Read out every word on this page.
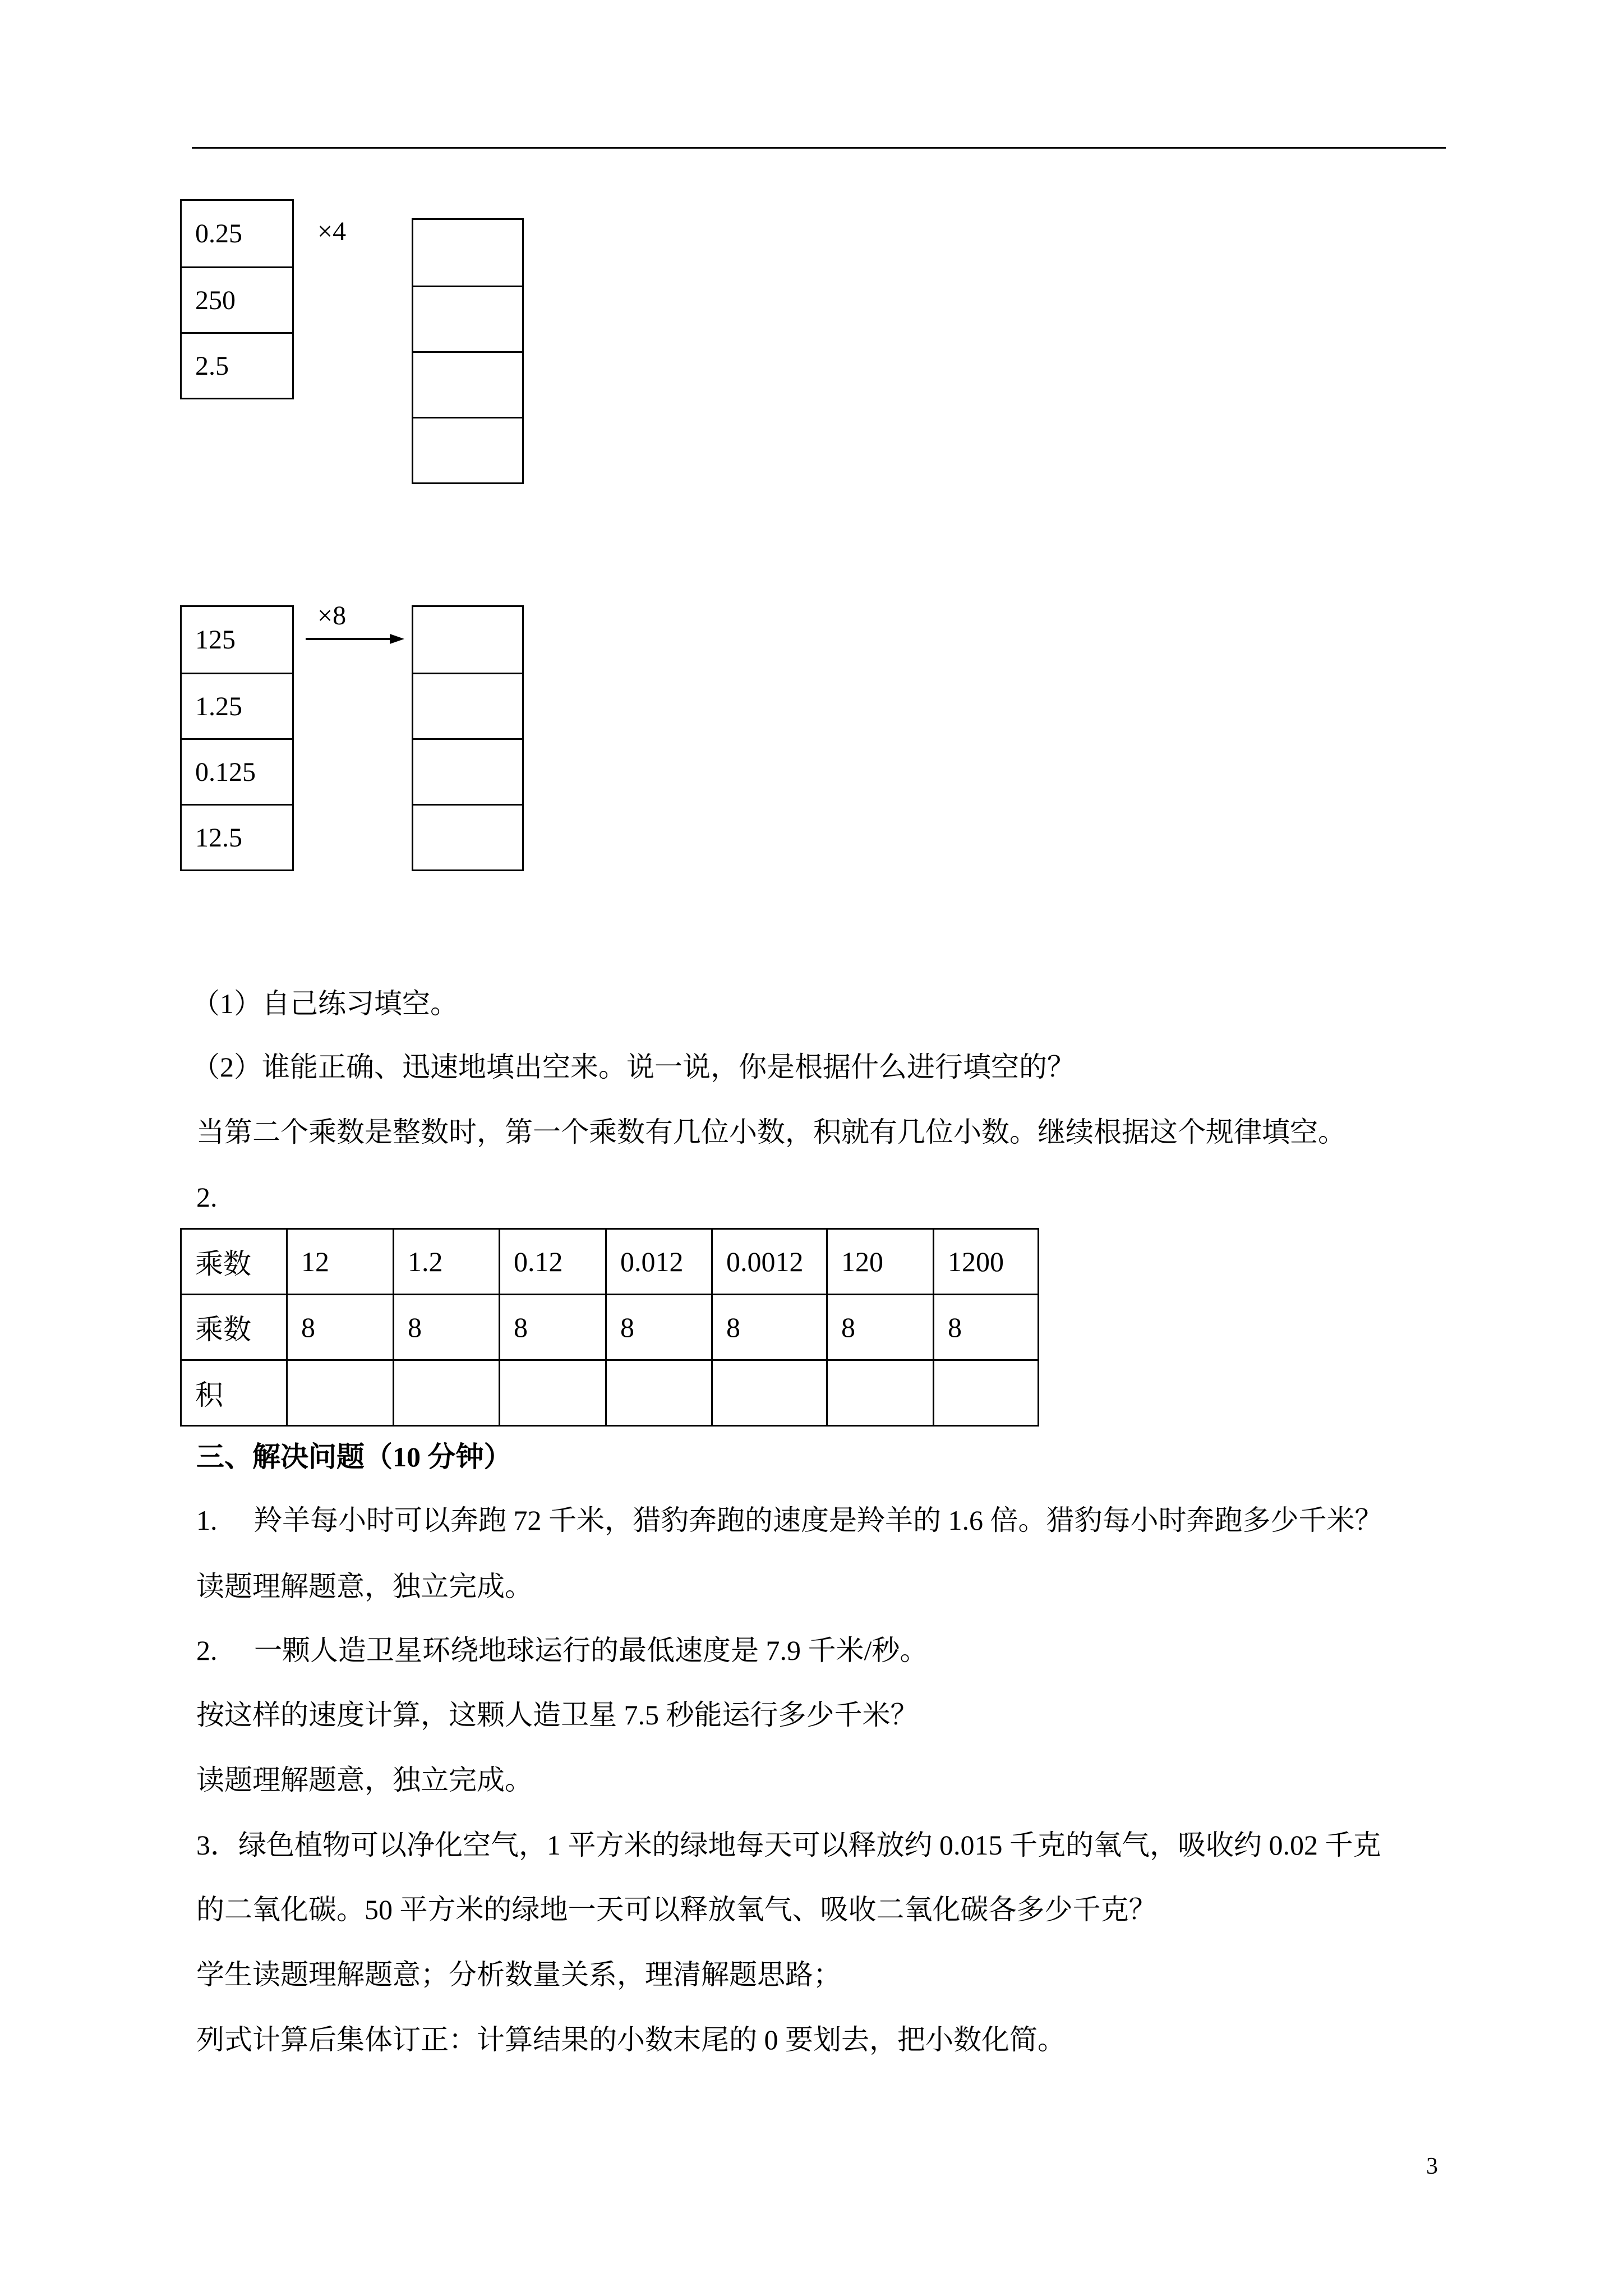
0.25
250
2.5
×4
125
1.25
0.125
12.5
×8
（1）自己练习填空。
（2）谁能正确、迅速地填出空来。说一说，你是根据什么进行填空的？
当第二个乘数是整数时，第一个乘数有几位小数，积就有几位小数。继续根据这个规律填空。
2.
乘数	12	1.2	0.12	0.012	0.0012	120	1200
乘数	8	8	8	8	8	8	8
积							
三、解决问题（10 分钟）
1. 羚羊每小时可以奔跑 72 千米，猎豹奔跑的速度是羚羊的 1.6 倍。猎豹每小时奔跑多少千米？
读题理解题意，独立完成。
2. 一颗人造卫星环绕地球运行的最低速度是 7.9 千米/秒。
按这样的速度计算，这颗人造卫星 7.5 秒能运行多少千米？
读题理解题意，独立完成。
3．绿色植物可以净化空气，1 平方米的绿地每天可以释放约 0.015 千克的氧气，吸收约 0.02 千克
的二氧化碳。50 平方米的绿地一天可以释放氧气、吸收二氧化碳各多少千克？
学生读题理解题意；分析数量关系，理清解题思路；
列式计算后集体订正：计算结果的小数末尾的 0 要划去，把小数化简。
3
